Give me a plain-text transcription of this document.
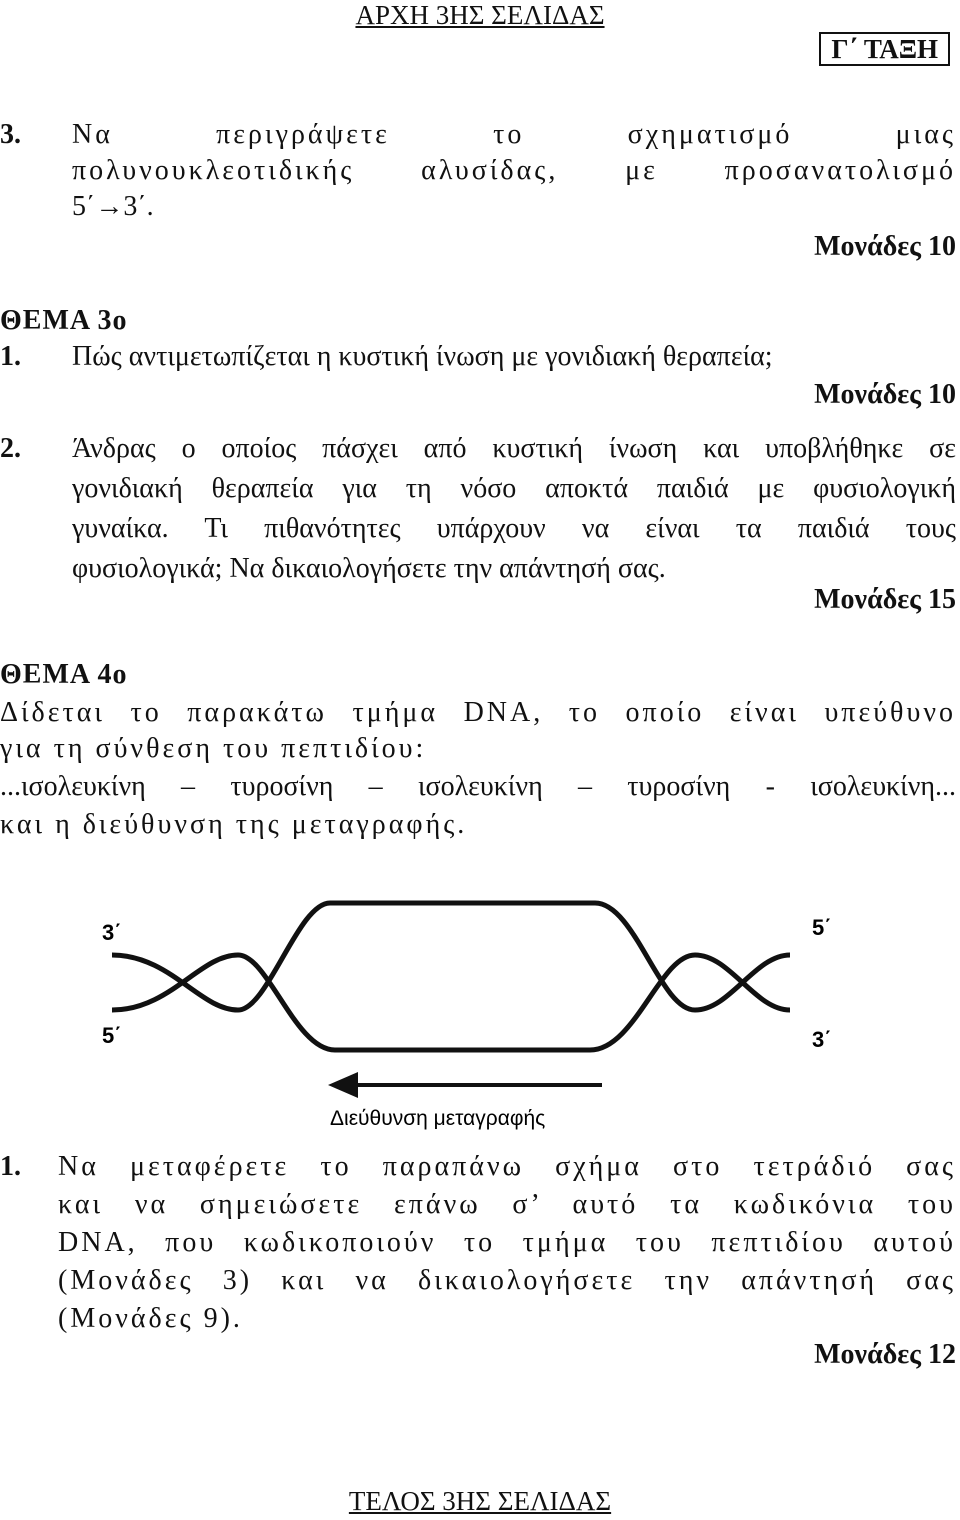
ΑΡΧΗ 3ΗΣ ΣΕΛΙΔΑΣ
Γ΄ ΤΑΞΗ
3. Να περιγράψετε το σχηματισμό μιας
πολυνουκλεοτιδικής αλυσίδας, με προσανατολισμό
5΄→3΄.
Μονάδες 10
ΘΕΜΑ 3ο
1. Πώς αντιμετωπίζεται η κυστική ίνωση με γονιδιακή θεραπεία;
Μονάδες 10
2. Άνδρας ο οποίος πάσχει από κυστική ίνωση και υποβλήθηκε σε
γονιδιακή θεραπεία για τη νόσο αποκτά παιδιά με φυσιολογική
γυναίκα. Τι πιθανότητες υπάρχουν να είναι τα παιδιά τους
φυσιολογικά; Να δικαιολογήσετε την απάντησή σας.
Μονάδες 15
ΘΕΜΑ 4ο
Δίδεται το παρακάτω τμήμα DNA, το οποίο είναι υπεύθυνο
για τη σύνθεση του πεπτιδίου:
...ισολευκίνη – τυροσίνη – ισολευκίνη – τυροσίνη - ισολευκίνη...
και η διεύθυνση της μεταγραφής.
3΄	5΄
5΄	3΄
Διεύθυνση μεταγραφής
1. Να μεταφέρετε το παραπάνω σχήμα στο τετράδιό σας
και να σημειώσετε επάνω σ’ αυτό τα κωδικόνια του
DNA, που κωδικοποιούν το τμήμα του πεπτιδίου αυτού
(Μονάδες 3) και να δικαιολογήσετε την απάντησή σας
(Μονάδες 9).
Μονάδες 12
ΤΕΛΟΣ 3ΗΣ ΣΕΛΙΔΑΣ
